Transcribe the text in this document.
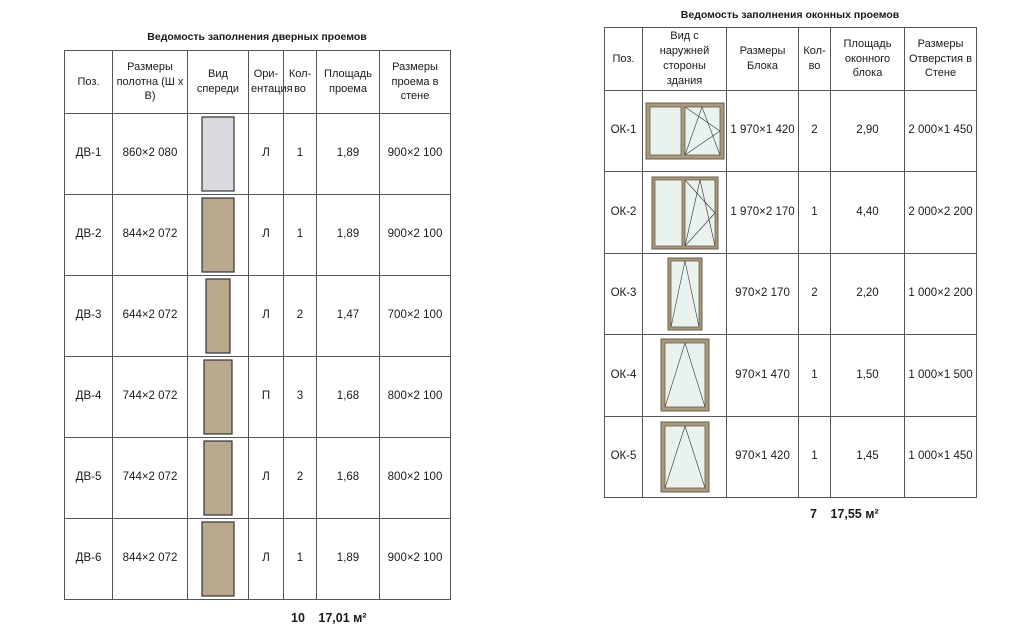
Ведомость заполнения дверных проемов
Поз.	Размеры полотна (Ш х В)	Вид спереди	Ори-ентация	Кол-во	Площадь проема	Размеры проема в стене
ДВ-1	860×2 080		Л	1	1,89	900×2 100
ДВ-2	844×2 072		Л	1	1,89	900×2 100
ДВ-3	644×2 072		Л	2	1,47	700×2 100
ДВ-4	744×2 072		П	3	1,68	800×2 100
ДВ-5	744×2 072		Л	2	1,68	800×2 100
ДВ-6	844×2 072		Л	1	1,89	900×2 100
10 17,01 м²
Ведомость заполнения оконных проемов
Поз.	Вид с наружней стороны здания	Размеры Блока	Кол-во	Площадь оконного блока	Размеры Отверстия в Стене
ОК-1		1 970×1 420	2	2,90	2 000×1 450
ОК-2		1 970×2 170	1	4,40	2 000×2 200
ОК-3		970×2 170	2	2,20	1 000×2 200
ОК-4		970×1 470	1	1,50	1 000×1 500
ОК-5		970×1 420	1	1,45	1 000×1 450
7 17,55 м²
